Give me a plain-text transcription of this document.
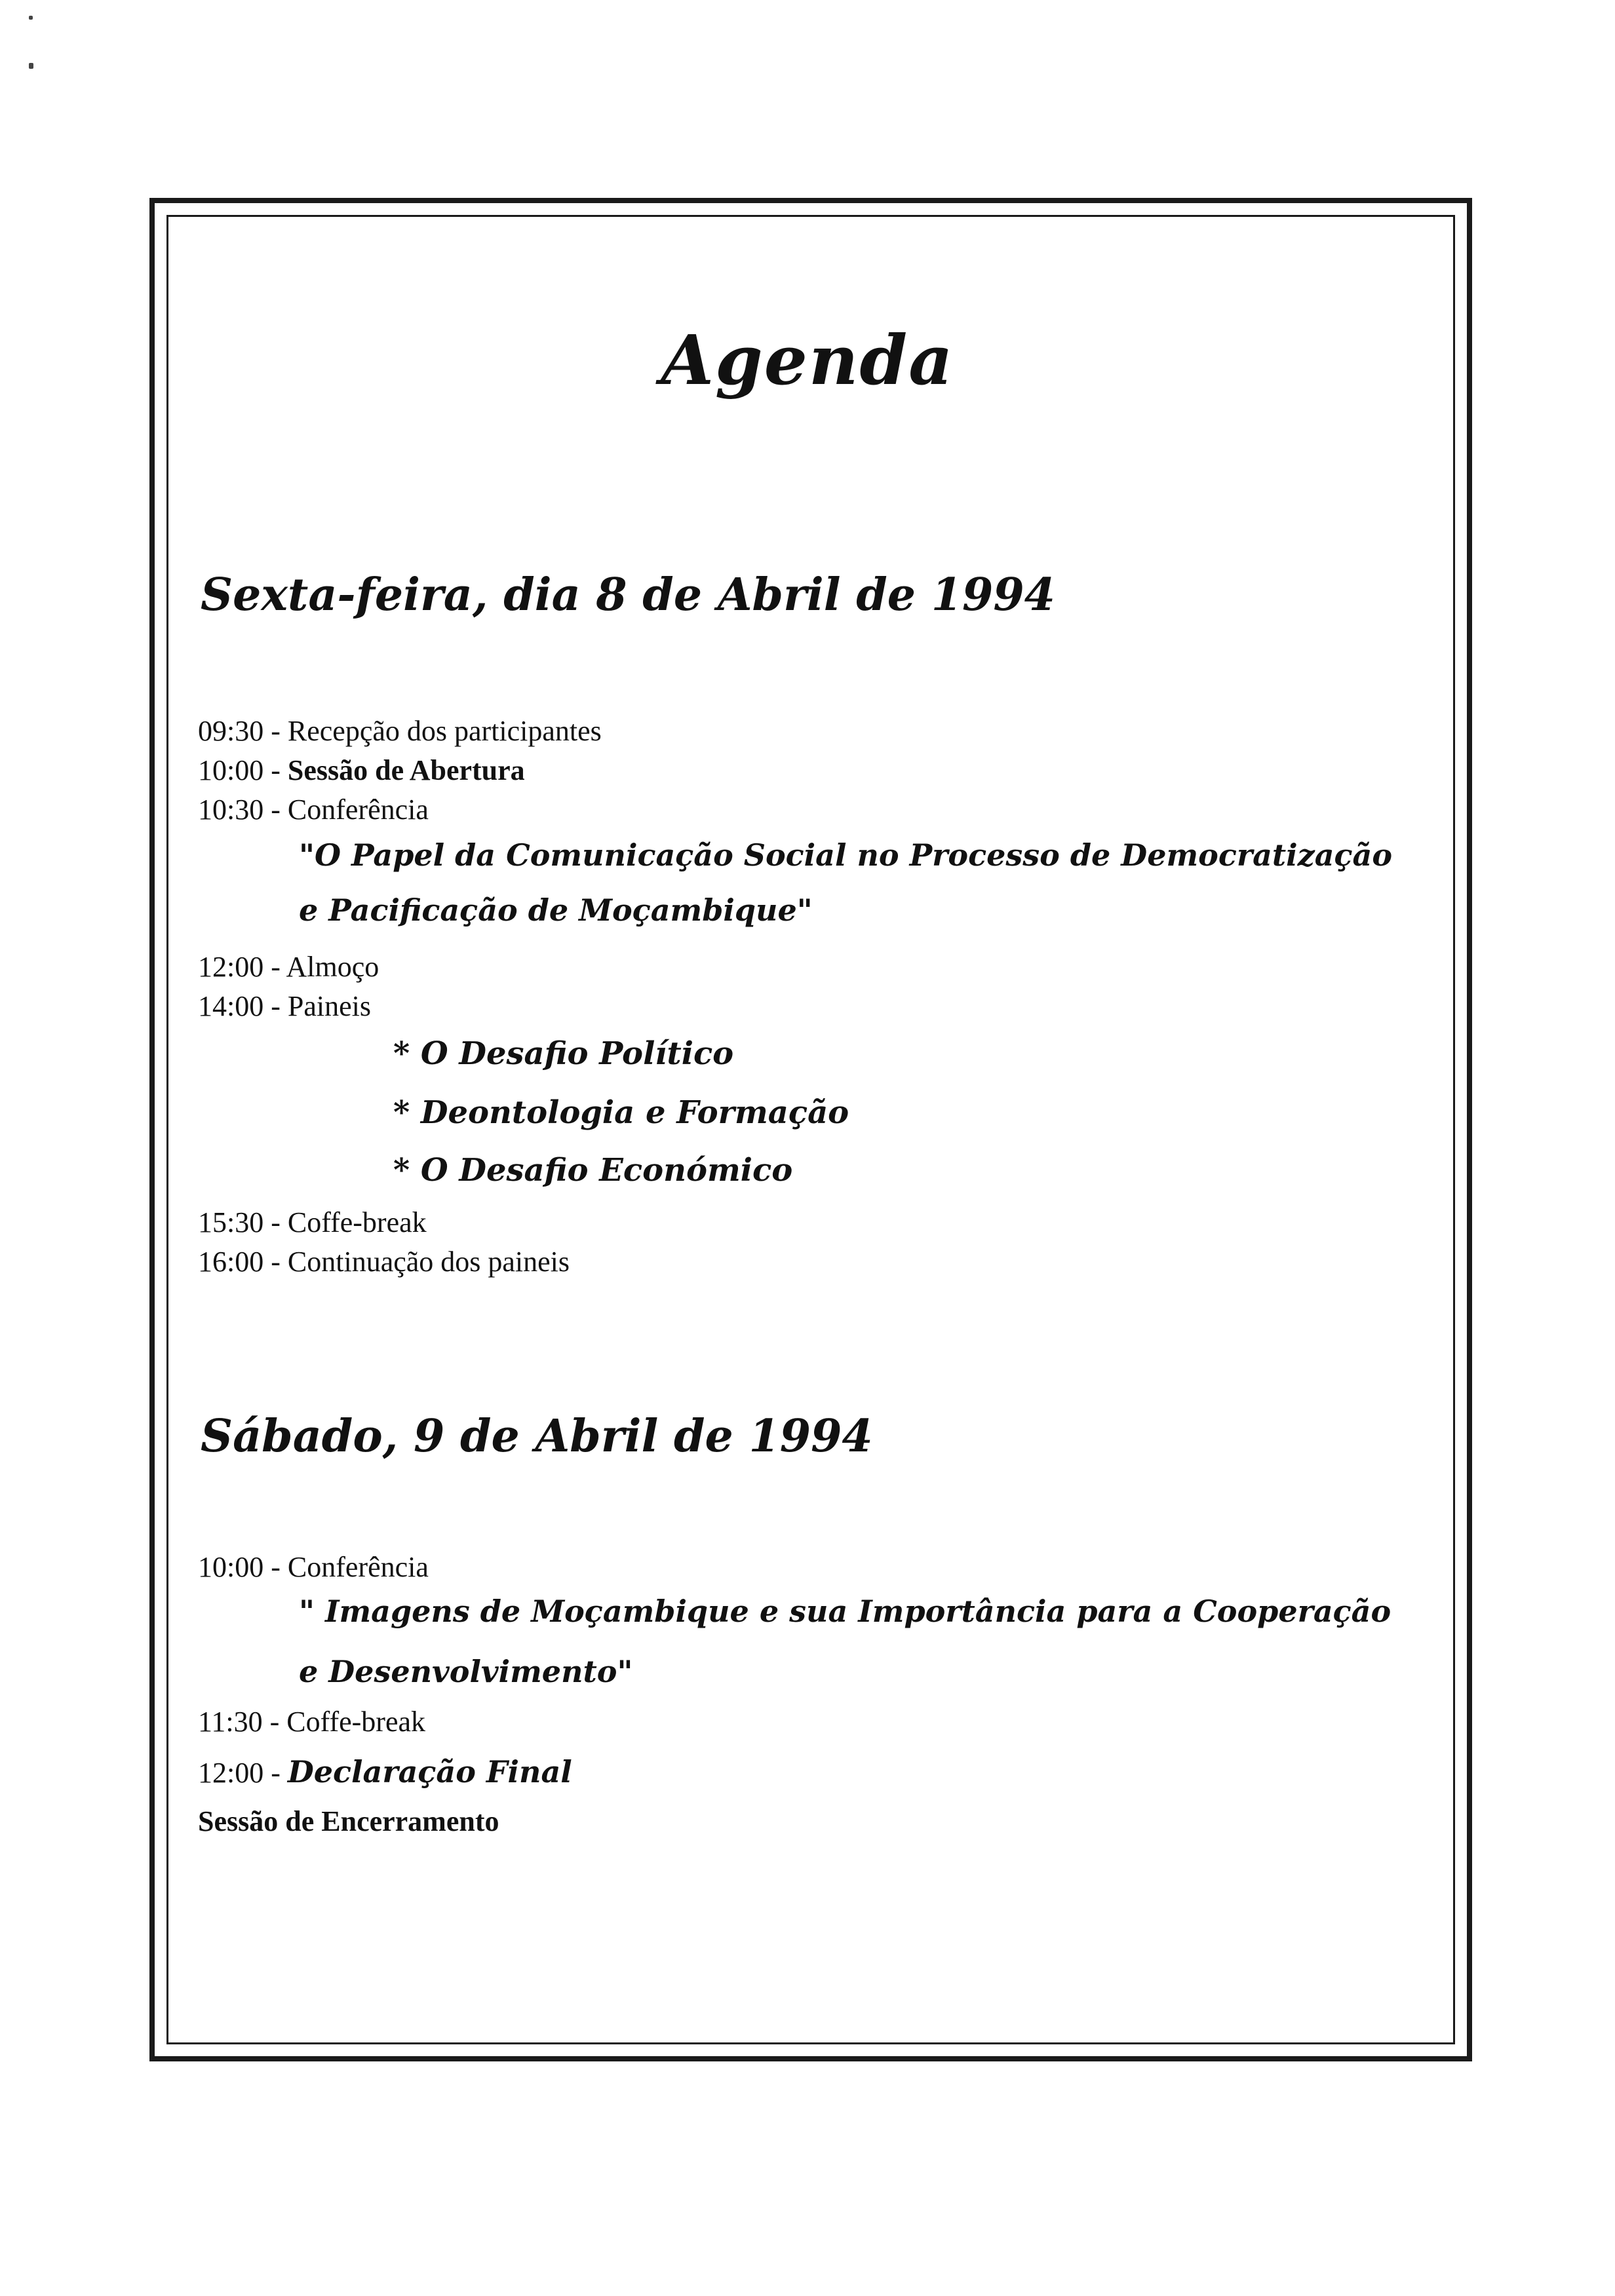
Agenda
Sexta-feira, dia 8 de Abril de 1994
09:30 - Recepção dos participantes
10:00 - Sessão de Abertura
10:30 - Conferência
"O Papel da Comunicação Social no Processo de Democratização
e Pacificação de Moçambique"
12:00 - Almoço
14:00 - Paineis
* O Desafio Político
* Deontologia e Formação
* O Desafio Económico
15:30 - Coffe-break
16:00 - Continuação dos paineis
Sábado, 9 de Abril de 1994
10:00 - Conferência
" Imagens de Moçambique e sua Importância para a Cooperação
e Desenvolvimento"
11:30 - Coffe-break
12:00 - Declaração Final
Sessão de Encerramento
